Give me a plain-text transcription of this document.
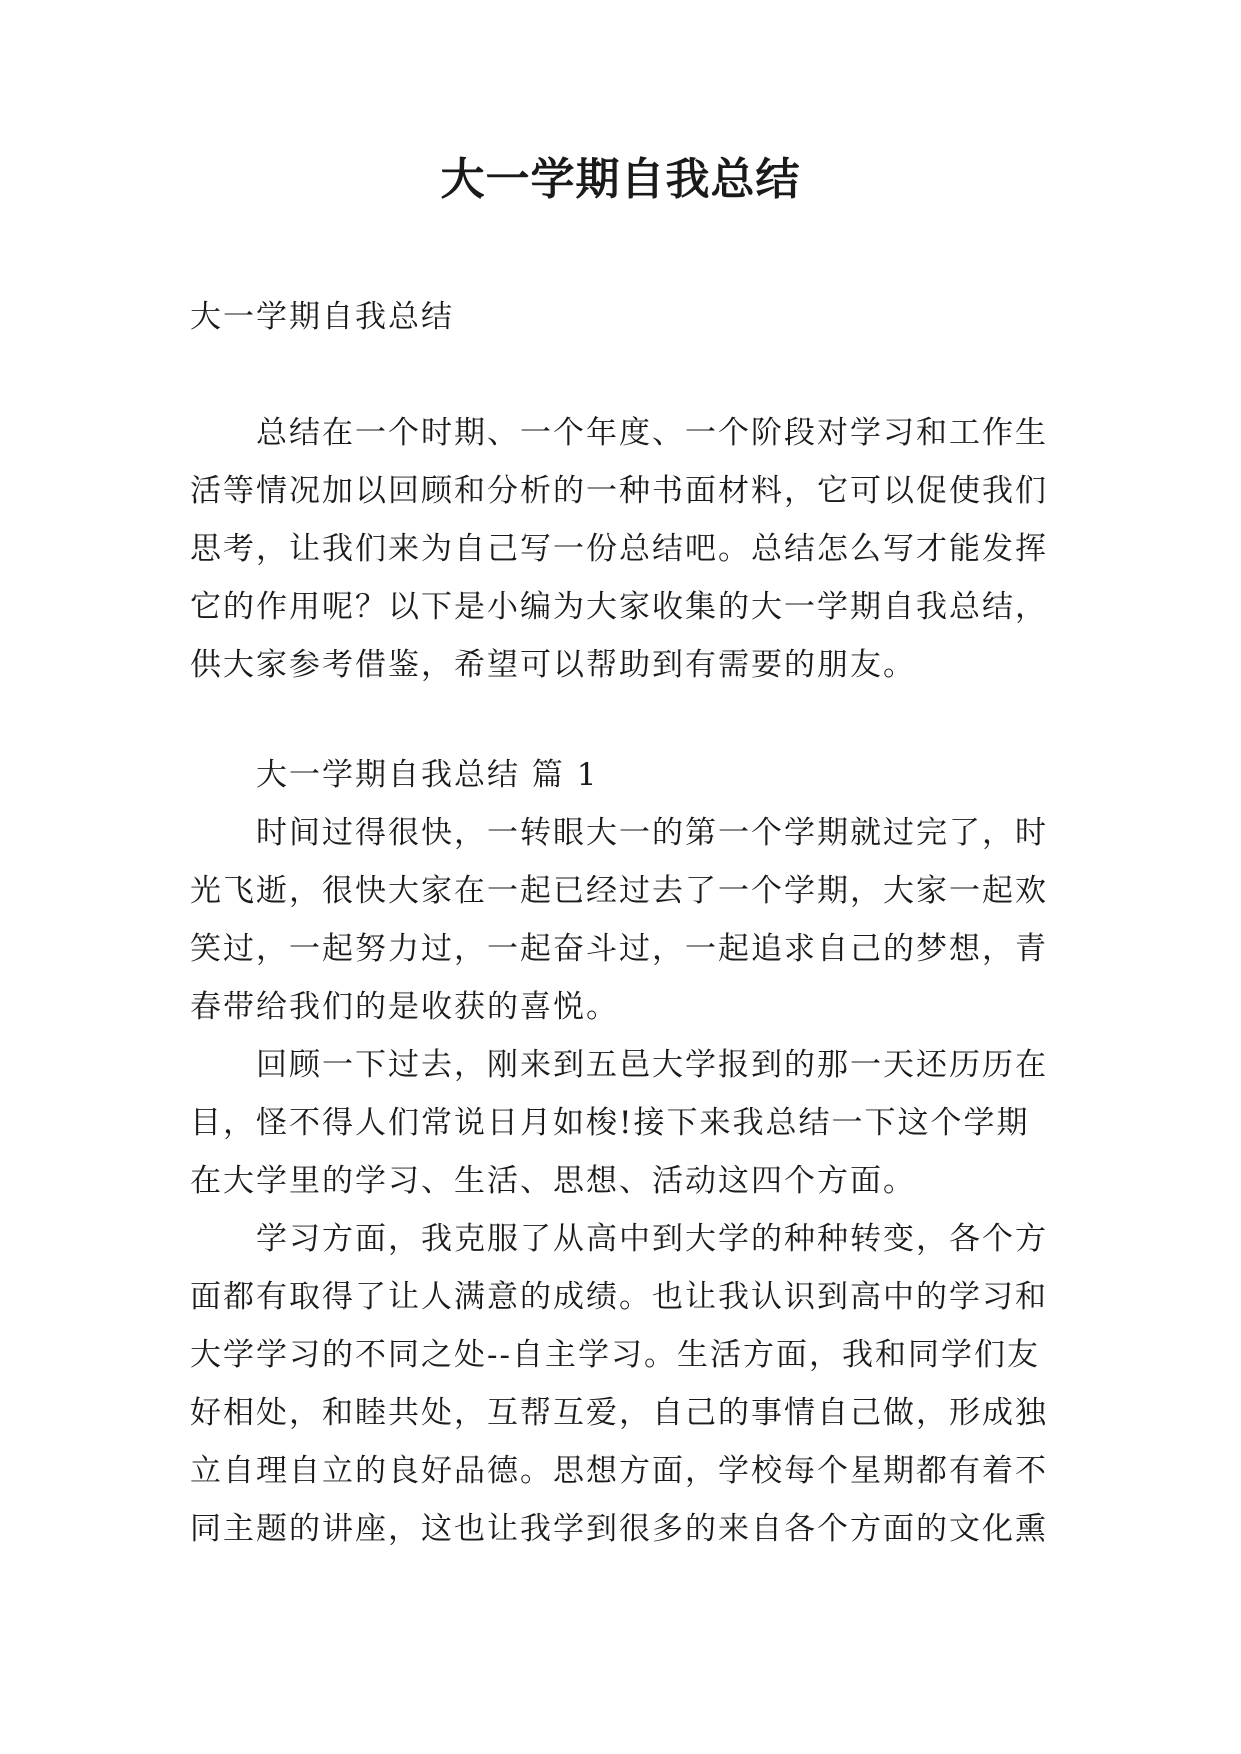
大一学期自我总结

大一学期自我总结

总结在一个时期、一个年度、一个阶段对学习和工作生

活等情况加以回顾和分析的一种书面材料，它可以促使我们

思考，让我们来为自己写一份总结吧。总结怎么写才能发挥

它的作用呢？以下是小编为大家收集的大一学期自我总结，

供大家参考借鉴，希望可以帮助到有需要的朋友。

大一学期自我总结 篇 1

时间过得很快，一转眼大一的第一个学期就过完了，时

光飞逝，很快大家在一起已经过去了一个学期，大家一起欢

笑过，一起努力过，一起奋斗过，一起追求自己的梦想，青

春带给我们的是收获的喜悦。

回顾一下过去，刚来到五邑大学报到的那一天还历历在

目，怪不得人们常说日月如梭!接下来我总结一下这个学期

在大学里的学习、生活、思想、活动这四个方面。

学习方面，我克服了从高中到大学的种种转变，各个方

面都有取得了让人满意的成绩。也让我认识到高中的学习和

大学学习的不同之处--自主学习。生活方面，我和同学们友

好相处，和睦共处，互帮互爱，自己的事情自己做，形成独

立自理自立的良好品德。思想方面，学校每个星期都有着不

同主题的讲座，这也让我学到很多的来自各个方面的文化熏
